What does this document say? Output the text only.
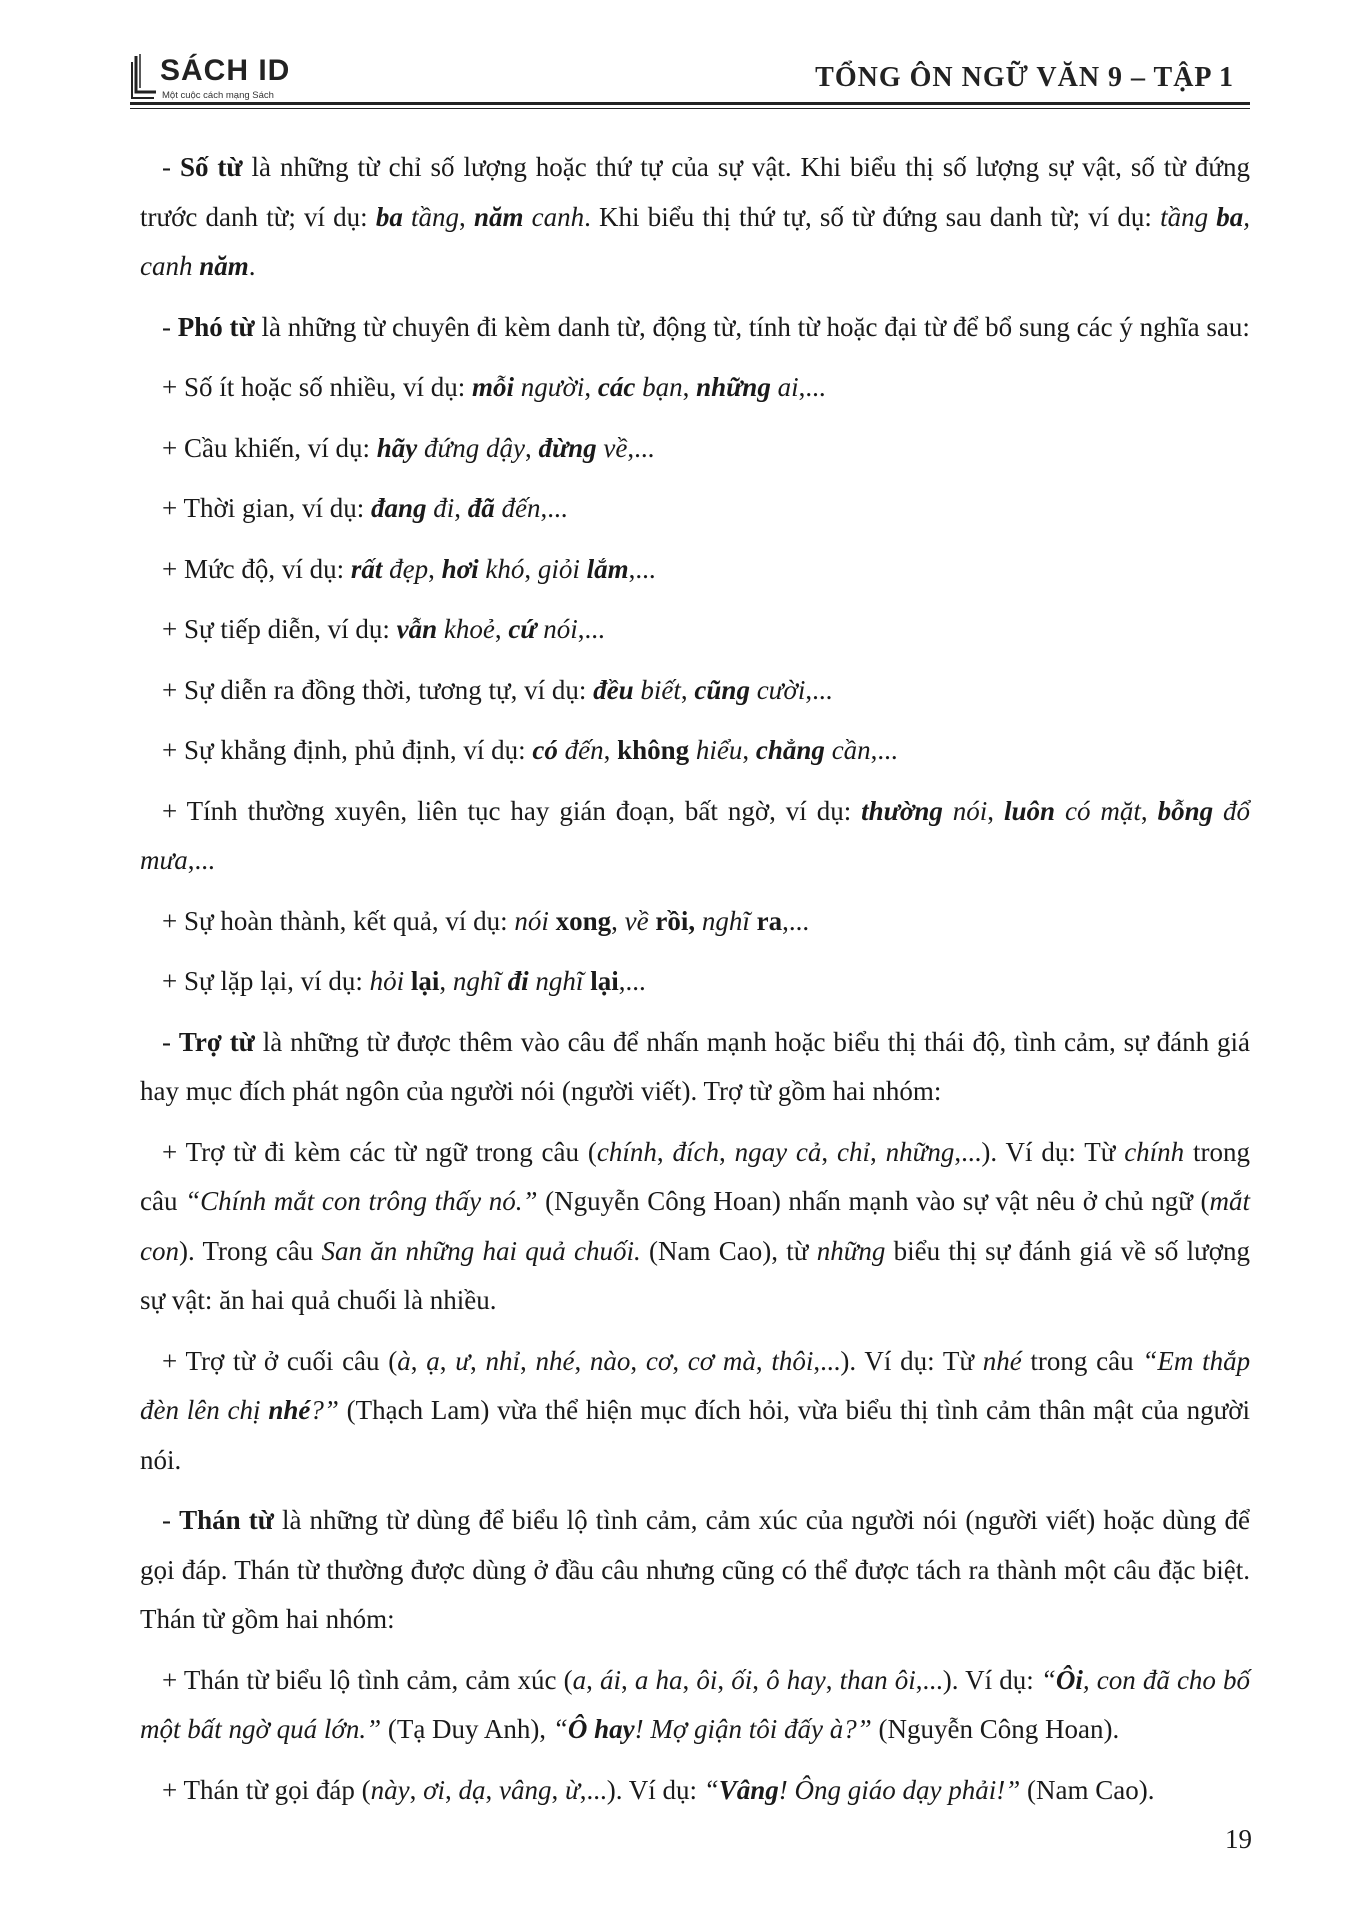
SÁCH ID
Một cuộc cách mạng Sách
TỔNG ÔN NGỮ VĂN 9 – TẬP 1

- Số từ là những từ chỉ số lượng hoặc thứ tự của sự vật. Khi biểu thị số lượng sự vật, số từ đứng trước danh từ; ví dụ: ba tầng, năm canh. Khi biểu thị thứ tự, số từ đứng sau danh từ; ví dụ: tầng ba, canh năm.

- Phó từ là những từ chuyên đi kèm danh từ, động từ, tính từ hoặc đại từ để bổ sung các ý nghĩa sau:

+ Số ít hoặc số nhiều, ví dụ: mỗi người, các bạn, những ai,...

+ Cầu khiến, ví dụ: hãy đứng dậy, đừng về,...

+ Thời gian, ví dụ: đang đi, đã đến,...

+ Mức độ, ví dụ: rất đẹp, hơi khó, giỏi lắm,...

+ Sự tiếp diễn, ví dụ: vẫn khoẻ, cứ nói,...

+ Sự diễn ra đồng thời, tương tự, ví dụ: đều biết, cũng cười,...

+ Sự khẳng định, phủ định, ví dụ: có đến, không hiểu, chẳng cần,...

+ Tính thường xuyên, liên tục hay gián đoạn, bất ngờ, ví dụ: thường nói, luôn có mặt, bỗng đổ mưa,...

+ Sự hoàn thành, kết quả, ví dụ: nói xong, về rồi, nghĩ ra,...

+ Sự lặp lại, ví dụ: hỏi lại, nghĩ đi nghĩ lại,...

- Trợ từ là những từ được thêm vào câu để nhấn mạnh hoặc biểu thị thái độ, tình cảm, sự đánh giá hay mục đích phát ngôn của người nói (người viết). Trợ từ gồm hai nhóm:

+ Trợ từ đi kèm các từ ngữ trong câu (chính, đích, ngay cả, chỉ, những,...). Ví dụ: Từ chính trong câu “Chính mắt con trông thấy nó.” (Nguyễn Công Hoan) nhấn mạnh vào sự vật nêu ở chủ ngữ (mắt con). Trong câu San ăn những hai quả chuối. (Nam Cao), từ những biểu thị sự đánh giá về số lượng sự vật: ăn hai quả chuối là nhiều.

+ Trợ từ ở cuối câu (à, ạ, ư, nhỉ, nhé, nào, cơ, cơ mà, thôi,...). Ví dụ: Từ nhé trong câu “Em thắp đèn lên chị nhé?” (Thạch Lam) vừa thể hiện mục đích hỏi, vừa biểu thị tình cảm thân mật của người nói.

- Thán từ là những từ dùng để biểu lộ tình cảm, cảm xúc của người nói (người viết) hoặc dùng để gọi đáp. Thán từ thường được dùng ở đầu câu nhưng cũng có thể được tách ra thành một câu đặc biệt. Thán từ gồm hai nhóm:

+ Thán từ biểu lộ tình cảm, cảm xúc (a, ái, a ha, ôi, ối, ô hay, than ôi,...). Ví dụ: “Ôi, con đã cho bố một bất ngờ quá lớn.” (Tạ Duy Anh), “Ô hay! Mợ giận tôi đấy à?” (Nguyễn Công Hoan).

+ Thán từ gọi đáp (này, ơi, dạ, vâng, ừ,...). Ví dụ: “Vâng! Ông giáo dạy phải!” (Nam Cao).

19
